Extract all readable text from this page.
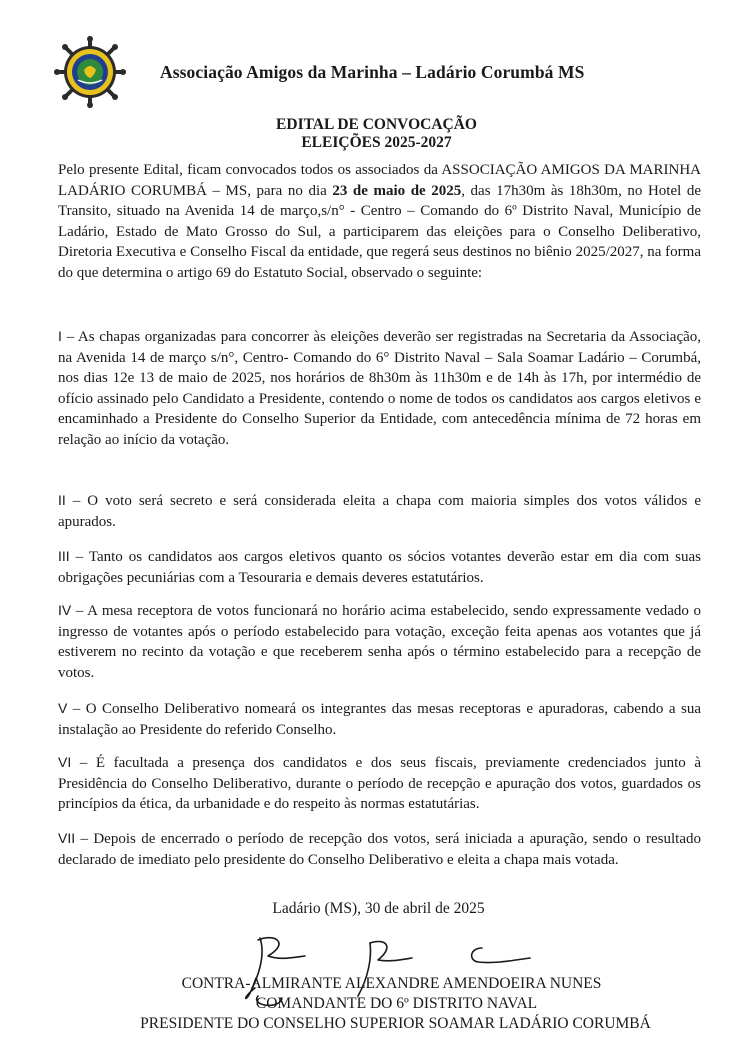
Associação Amigos da Marinha – Ladário Corumbá MS
EDITAL DE CONVOCAÇÃO
ELEIÇÕES 2025-2027

Pelo presente Edital, ficam convocados todos os associados da ASSOCIAÇÃO AMIGOS DA MARINHA LADÁRIO CORUMBÁ – MS, para no dia 23 de maio de 2025, das 17h30m às 18h30m, no Hotel de Transito, situado na Avenida 14 de março,s/n° - Centro – Comando do 6º Distrito Naval, Município de Ladário, Estado de Mato Grosso do Sul, a participarem das eleições para o Conselho Deliberativo, Diretoria Executiva e Conselho Fiscal da entidade, que regerá seus destinos no biênio 2025/2027, na forma do que determina o artigo 69 do Estatuto Social, observado o seguinte:

I – As chapas organizadas para concorrer às eleições deverão ser registradas na Secretaria da Associação, na Avenida 14 de março s/n°, Centro- Comando do 6° Distrito Naval – Sala Soamar Ladário – Corumbá, nos dias 12e 13 de maio de 2025, nos horários de 8h30m às 11h30m e de 14h às 17h, por intermédio de ofício assinado pelo Candidato a Presidente, contendo o nome de todos os candidatos aos cargos eletivos e encaminhado a Presidente do Conselho Superior da Entidade, com antecedência mínima de 72 horas em relação ao início da votação.

II – O voto será secreto e será considerada eleita a chapa com maioria simples dos votos válidos e apurados.

III – Tanto os candidatos aos cargos eletivos quanto os sócios votantes deverão estar em dia com suas obrigações pecuniárias com a Tesouraria e demais deveres estatutários.

IV – A mesa receptora de votos funcionará no horário acima estabelecido, sendo expressamente vedado o ingresso de votantes após o período estabelecido para votação, exceção feita apenas aos votantes que já estiverem no recinto da votação e que receberem senha após o término estabelecido para a recepção de votos.

V – O Conselho Deliberativo nomeará os integrantes das mesas receptoras e apuradoras, cabendo a sua instalação ao Presidente do referido Conselho.

VI – É facultada a presença dos candidatos e dos seus fiscais, previamente credenciados junto à Presidência do Conselho Deliberativo, durante o período de recepção e apuração dos votos, guardados os princípios da ética, da urbanidade e do respeito às normas estatutárias.

VII – Depois de encerrado o período de recepção dos votos, será iniciada a apuração, sendo o resultado declarado de imediato pelo presidente do Conselho Deliberativo e eleita a chapa mais votada.

Ladário (MS), 30 de abril de 2025
CONTRA-ALMIRANTE ALEXANDRE AMENDOEIRA NUNES
COMANDANTE DO 6º DISTRITO NAVAL
PRESIDENTE DO CONSELHO SUPERIOR SOAMAR LADÁRIO CORUMBÁ
